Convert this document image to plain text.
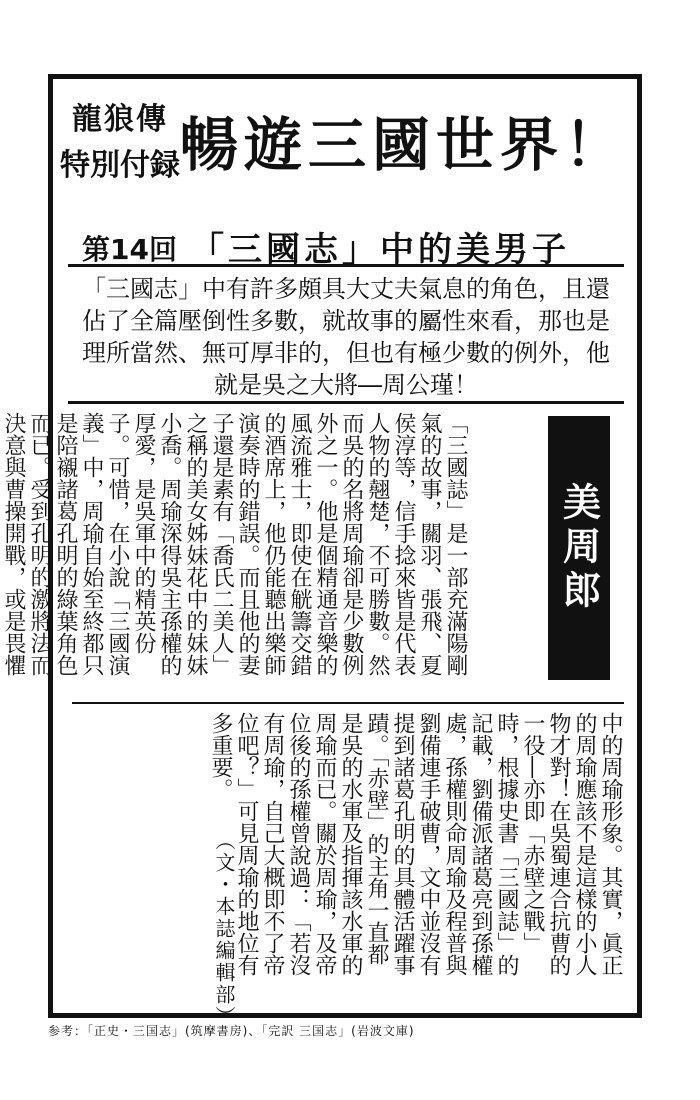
龍狼傳
特別付録 暢遊三國世界！
第14回 「三國志」中的美男子
「三國志」中有許多頗具大丈夫氣息的角色，且還佔了全篇壓倒性多數，就故事的屬性來看，那也是理所當然、無可厚非的，但也有極少數的例外，他就是吳之大將―周公瑾！
「三國誌」是一部充滿陽剛氣的故事，關羽、張飛、夏侯淳等，信手捻來皆是代表人物的翹楚，不可勝數。然而吳的名將周瑜卻是少數例外之一。他是個精通音樂的風流雅士，即使在觥籌交錯的酒席上，他仍能聽出樂師演奏時的錯誤。而且他的妻子還是素有「喬氏二美人」之稱的美女姊妹花中的妹妹小喬。周瑜深得吳主孫權的厚愛，是吳軍中的精英份子。可惜，在小說「三國演義」中，周瑜自始至終都只是陪襯諸葛孔明的綠葉角色而已。受到孔明的激將法而決意與曹操開戰，或是畏懼
美周郎
中的周瑜形象。其實，眞正的周瑜應該不是這樣的小人物才對！在吳蜀連合抗曹的一役―亦即「赤壁之戰」時，根據史書「三國誌」的記載，劉備派諸葛亮到孫權處，孫權則命周瑜及程普與劉備連手破曹，文中並沒有提到諸葛孔明的具體活躍事蹟。「赤壁」的主角一直都是吳的水軍及指揮該水軍的周瑜而已。關於周瑜，及帝位後的孫權曾說過：「若沒有周瑜，自己大概即不了帝位吧？」可見周瑜的地位有多重要。
（文・本誌編輯部）
参考：「正史・三国志」(筑摩書房)、「完訳 三国志」(岩波文庫)
